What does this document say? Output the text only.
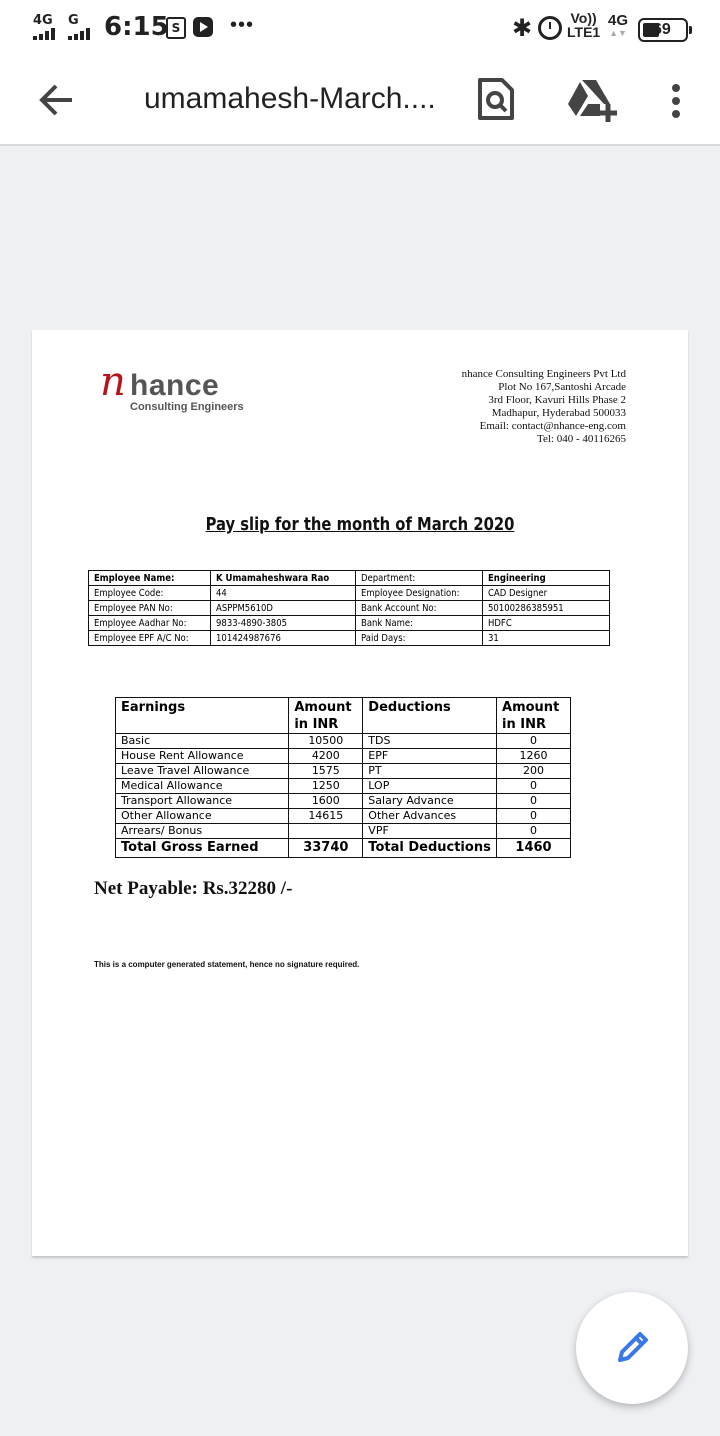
4G G 6:15 S •••	✱	Vo))
LTE1
4G
▲▼ 69
umamahesh-March....
n hance
Consulting Engineers
nhance Consulting Engineers Pvt Ltd
Plot No 167,Santoshi Arcade
3rd Floor, Kavuri Hills Phase 2
Madhapur, Hyderabad 500033
Email: contact@nhance-eng.com
Tel: 040 - 40116265
Pay slip for the month of March 2020
Employee Name:	K Umamaheshwara Rao	Department:	Engineering
Employee Code:	44	Employee Designation:	CAD Designer
Employee PAN No:	ASPPM5610D	Bank Account No:	50100286385951
Employee Aadhar No:	9833-4890-3805	Bank Name:	HDFC
Employee EPF A/C No:	101424987676	Paid Days:	31
Earnings	Amount in INR	Deductions	Amount in INR
Basic	10500	TDS	0
House Rent Allowance	4200	EPF	1260
Leave Travel Allowance	1575	PT	200
Medical Allowance	1250	LOP	0
Transport Allowance	1600	Salary Advance	0
Other Allowance	14615	Other Advances	0
Arrears/ Bonus		VPF	0
Total Gross Earned	33740	Total Deductions	1460
Net Payable: Rs.32280 /-
This is a computer generated statement, hence no signature required.
